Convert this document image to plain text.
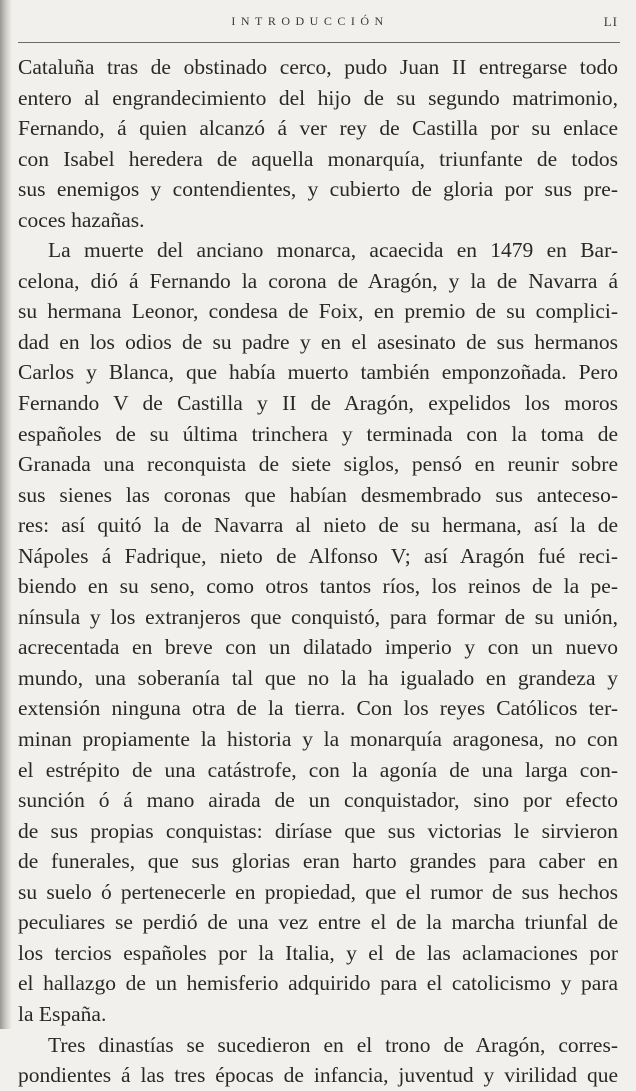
INTRODUCCIÓN	LI
Cataluña tras de obstinado cerco, pudo Juan II entregarse todo
entero al engrandecimiento del hijo de su segundo matrimonio,
Fernando, á quien alcanzó á ver rey de Castilla por su enlace
con Isabel heredera de aquella monarquía, triunfante de todos
sus enemigos y contendientes, y cubierto de gloria por sus pre-
coces hazañas.
La muerte del anciano monarca, acaecida en 1479 en Bar-
celona, dió á Fernando la corona de Aragón, y la de Navarra á
su hermana Leonor, condesa de Foix, en premio de su complici-
dad en los odios de su padre y en el asesinato de sus hermanos
Carlos y Blanca, que había muerto también emponzoñada. Pero
Fernando V de Castilla y II de Aragón, expelidos los moros
españoles de su última trinchera y terminada con la toma de
Granada una reconquista de siete siglos, pensó en reunir sobre
sus sienes las coronas que habían desmembrado sus anteceso-
res: así quitó la de Navarra al nieto de su hermana, así la de
Nápoles á Fadrique, nieto de Alfonso V; así Aragón fué reci-
biendo en su seno, como otros tantos ríos, los reinos de la pe-
nínsula y los extranjeros que conquistó, para formar de su unión,
acrecentada en breve con un dilatado imperio y con un nuevo
mundo, una soberanía tal que no la ha igualado en grandeza y
extensión ninguna otra de la tierra. Con los reyes Católicos ter-
minan propiamente la historia y la monarquía aragonesa, no con
el estrépito de una catástrofe, con la agonía de una larga con-
sunción ó á mano airada de un conquistador, sino por efecto
de sus propias conquistas: diríase que sus victorias le sirvieron
de funerales, que sus glorias eran harto grandes para caber en
su suelo ó pertenecerle en propiedad, que el rumor de sus hechos
peculiares se perdió de una vez entre el de la marcha triunfal de
los tercios españoles por la Italia, y el de las aclamaciones por
el hallazgo de un hemisferio adquirido para el catolicismo y para
la España.
Tres dinastías se sucedieron en el trono de Aragón, corres-
pondientes á las tres épocas de infancia, juventud y virilidad que
